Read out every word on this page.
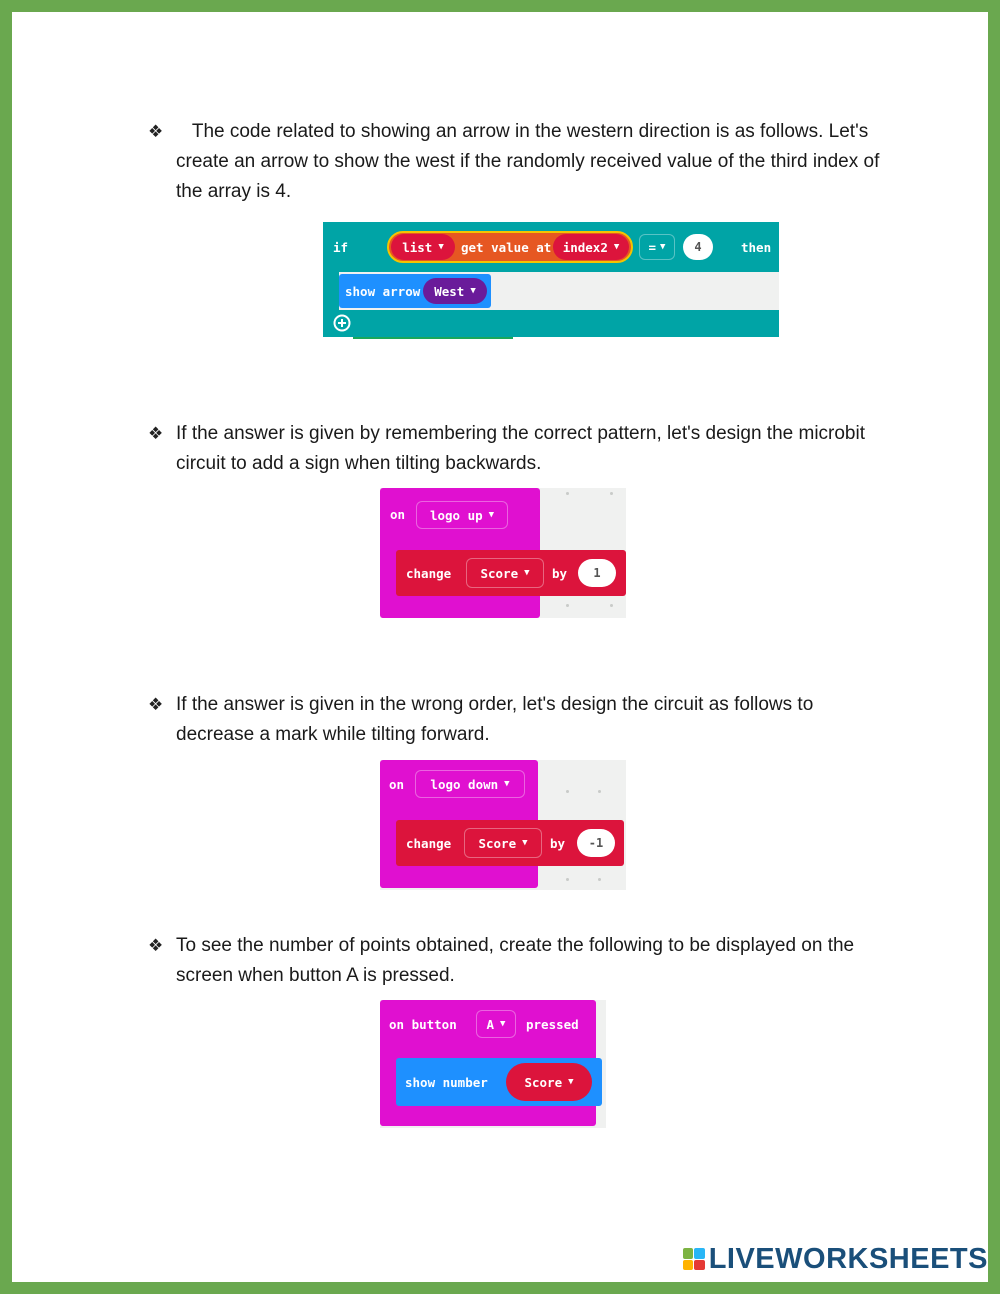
❖ The code related to showing an arrow in the western direction is as follows. Let's create an arrow to show the west if the randomly received value of the third index of the array is 4.
if	list ▼ get value at index2 ▼ = ▼	4	then
show arrow West ▼
❖ If the answer is given by remembering the correct pattern, let's design the microbit circuit to add a sign when tilting backwards.
on logo up ▼
change Score ▼ by	1
❖ If the answer is given in the wrong order, let's design the circuit as follows to decrease a mark while tilting forward.
on logo down ▼
change Score ▼ by	-1
❖ To see the number of points obtained, create the following to be displayed on the screen when button A is pressed.
on button A ▼ pressed
show number	Score ▼
LIVEWORKSHEETS
